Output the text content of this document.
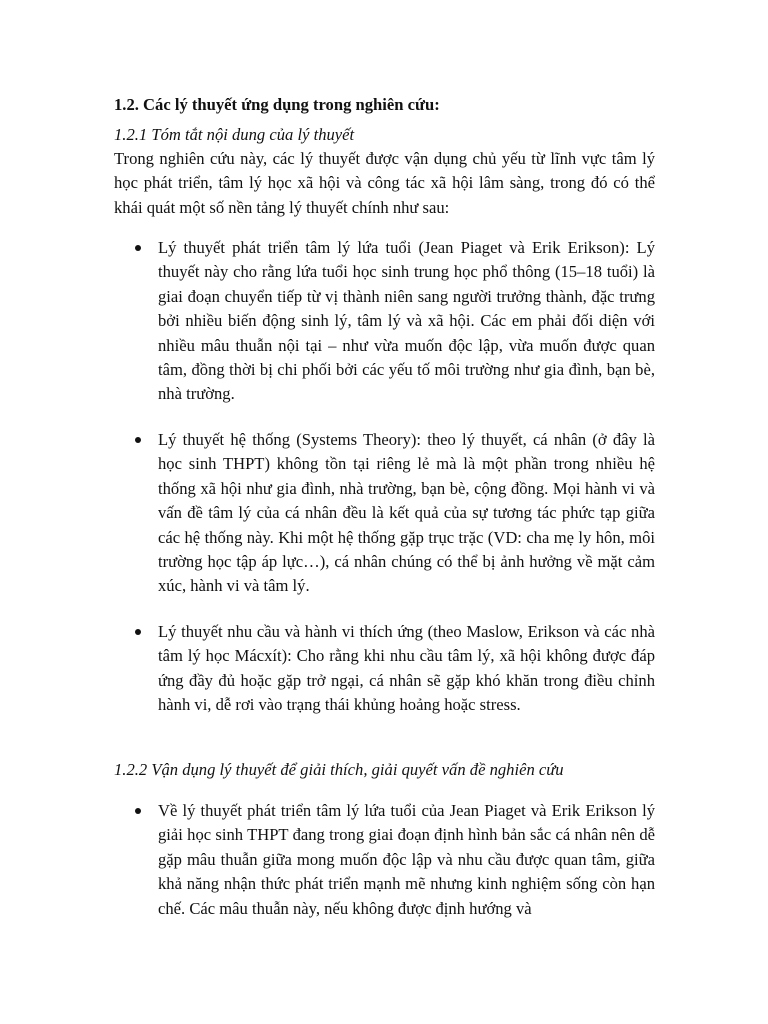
1.2. Các lý thuyết ứng dụng trong nghiên cứu:

1.2.1 Tóm tắt nội dung của lý thuyết

Trong nghiên cứu này, các lý thuyết được vận dụng chủ yếu từ lĩnh vực tâm lý học phát triển, tâm lý học xã hội và công tác xã hội lâm sàng, trong đó có thể khái quát một số nền tảng lý thuyết chính như sau:

Lý thuyết phát triển tâm lý lứa tuổi (Jean Piaget và Erik Erikson): Lý thuyết này cho rằng lứa tuổi học sinh trung học phổ thông (15–18 tuổi) là giai đoạn chuyển tiếp từ vị thành niên sang người trưởng thành, đặc trưng bởi nhiều biến động sinh lý, tâm lý và xã hội. Các em phải đối diện với nhiều mâu thuẫn nội tại – như vừa muốn độc lập, vừa muốn được quan tâm, đồng thời bị chi phối bởi các yếu tố môi trường như gia đình, bạn bè, nhà trường.

Lý thuyết hệ thống (Systems Theory): theo lý thuyết, cá nhân (ở đây là học sinh THPT) không tồn tại riêng lẻ mà là một phần trong nhiều hệ thống xã hội như gia đình, nhà trường, bạn bè, cộng đồng. Mọi hành vi và vấn đề tâm lý của cá nhân đều là kết quả của sự tương tác phức tạp giữa các hệ thống này. Khi một hệ thống gặp trục trặc (VD: cha mẹ ly hôn, môi trường học tập áp lực…), cá nhân chúng có thể bị ảnh hưởng về mặt cảm xúc, hành vi và tâm lý.

Lý thuyết nhu cầu và hành vi thích ứng (theo Maslow, Erikson và các nhà tâm lý học Mácxít): Cho rằng khi nhu cầu tâm lý, xã hội không được đáp ứng đầy đủ hoặc gặp trở ngại, cá nhân sẽ gặp khó khăn trong điều chỉnh hành vi, dễ rơi vào trạng thái khủng hoảng hoặc stress.

1.2.2 Vận dụng lý thuyết để giải thích, giải quyết vấn đề nghiên cứu

Về lý thuyết phát triển tâm lý lứa tuổi của Jean Piaget và Erik Erikson lý giải học sinh THPT đang trong giai đoạn định hình bản sắc cá nhân nên dễ gặp mâu thuẫn giữa mong muốn độc lập và nhu cầu được quan tâm, giữa khả năng nhận thức phát triển mạnh mẽ nhưng kinh nghiệm sống còn hạn chế. Các mâu thuẫn này, nếu không được định hướng và
